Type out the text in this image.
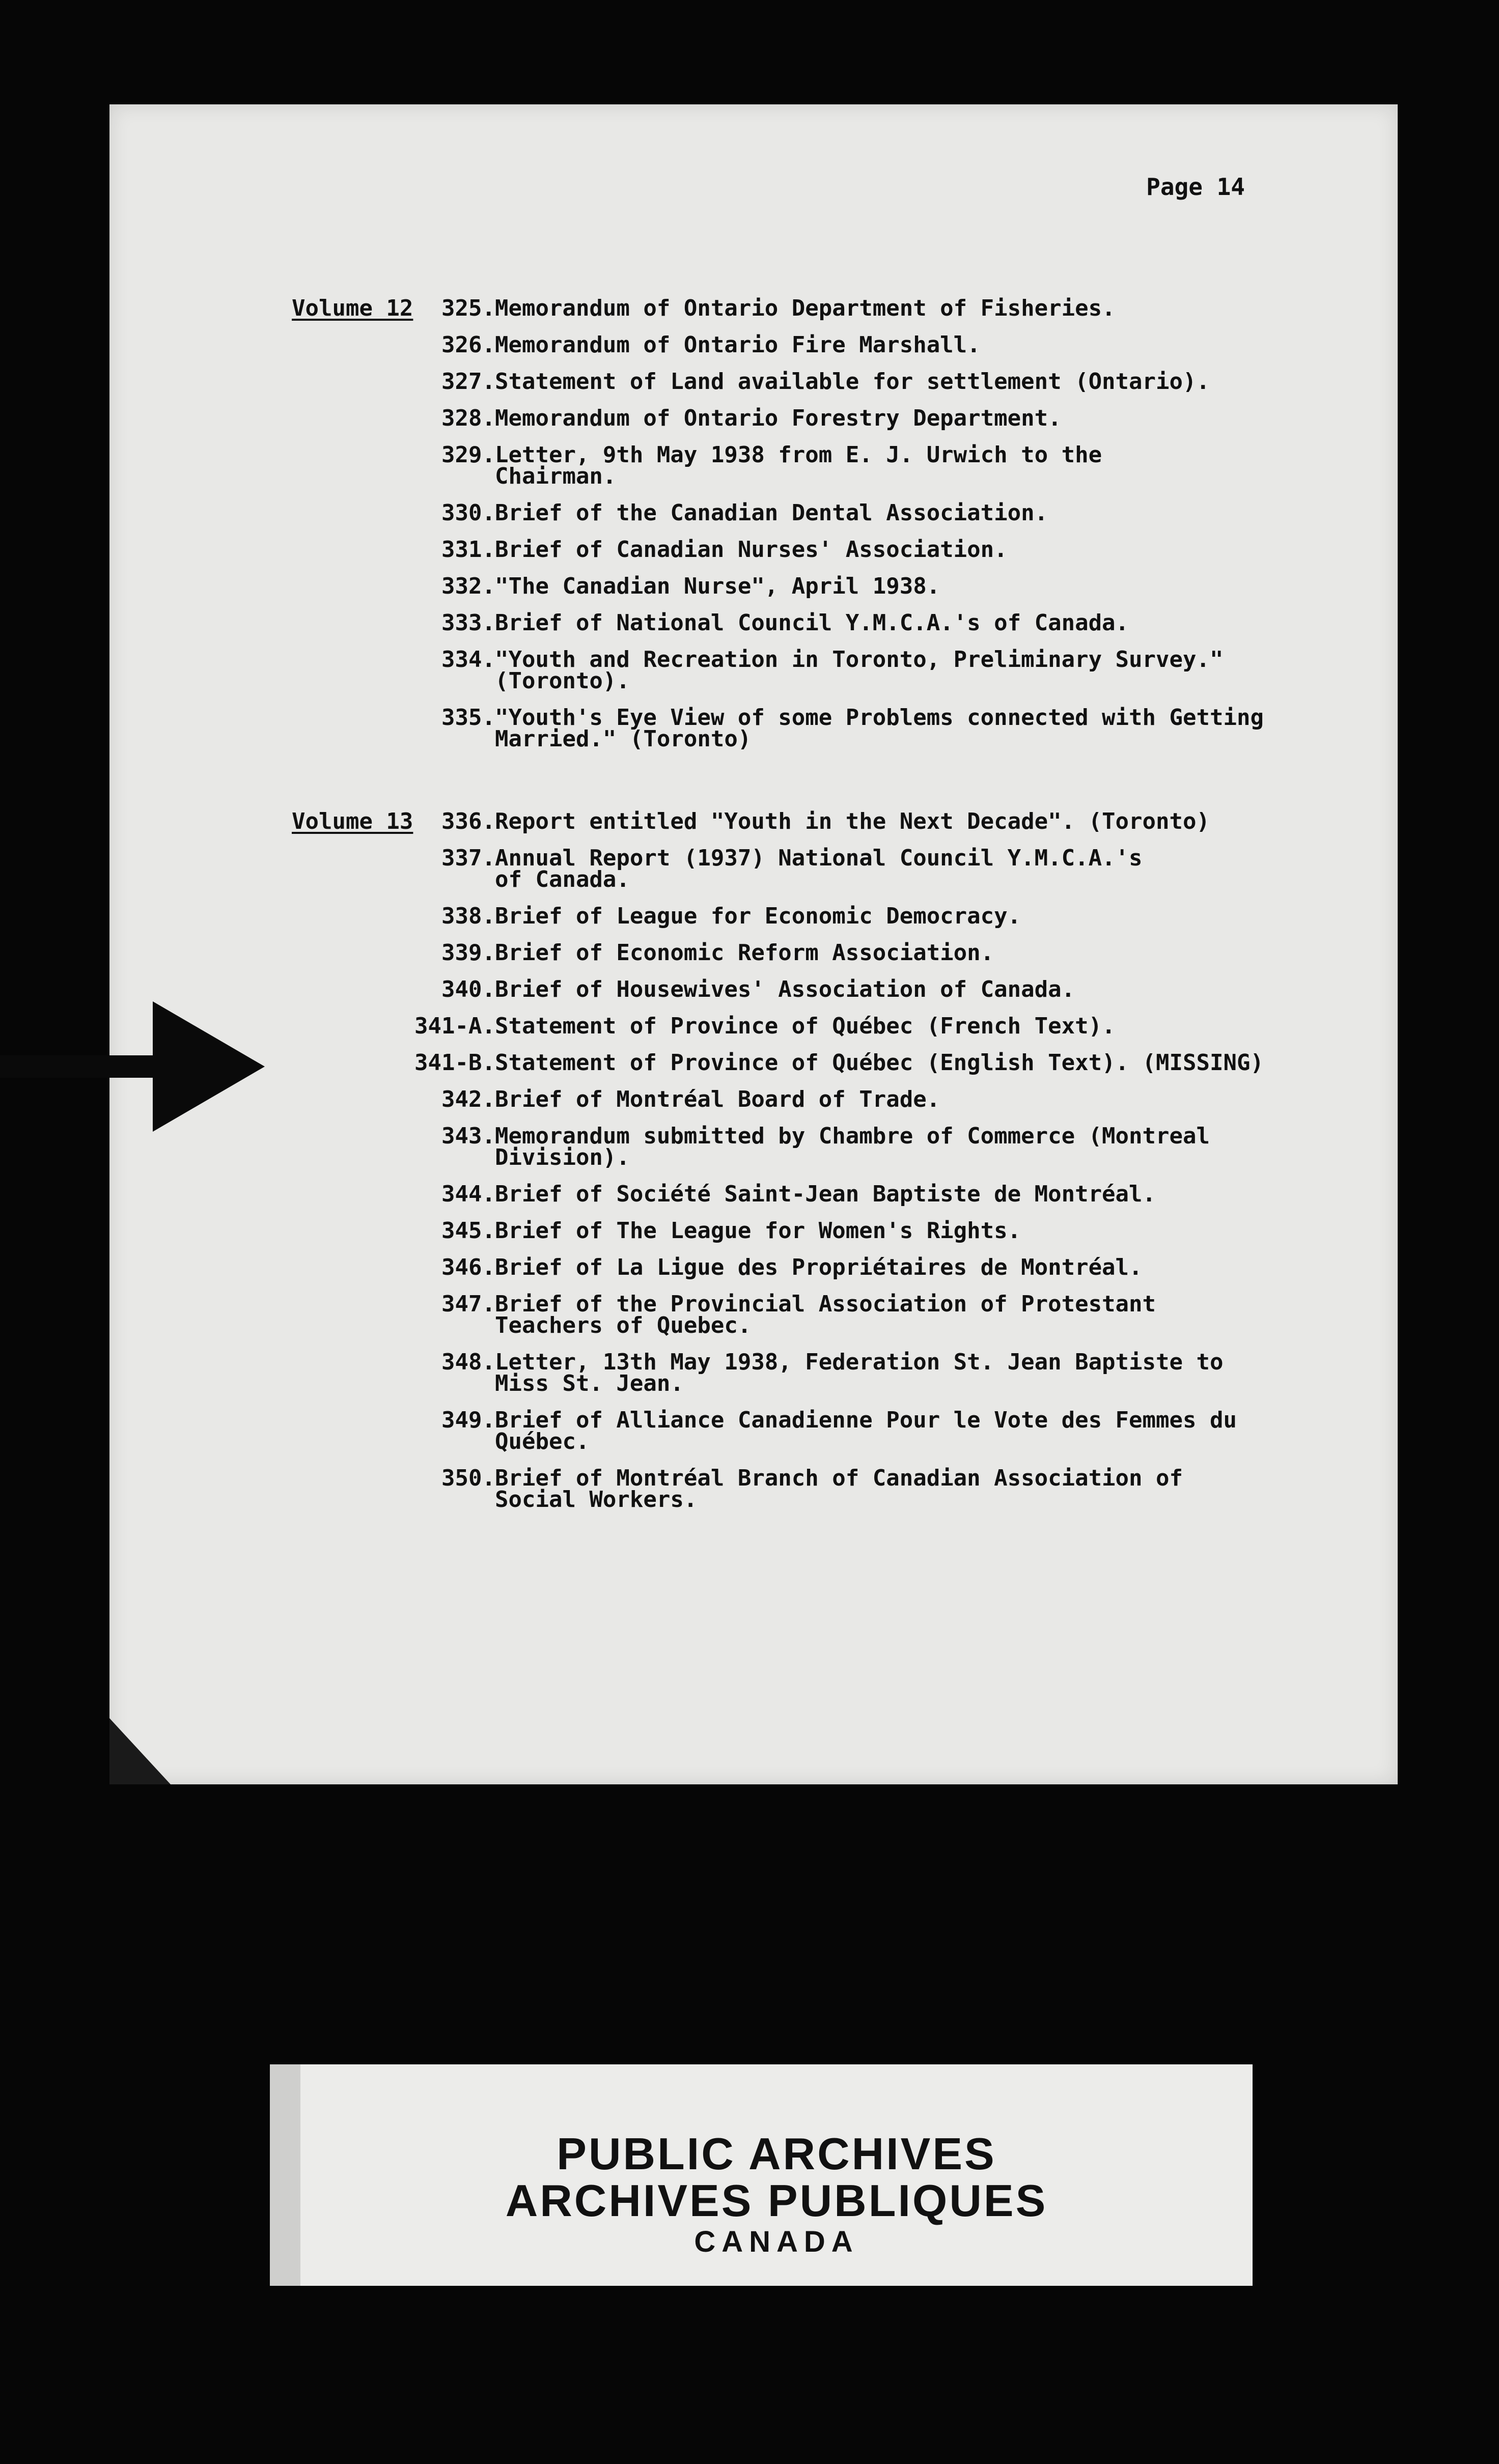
Page 14
Volume 12 325. Memorandum of Ontario Department of Fisheries.
326. Memorandum of Ontario Fire Marshall.
327. Statement of Land available for settlement (Ontario).
328. Memorandum of Ontario Forestry Department.
329. Letter, 9th May 1938 from E. J. Urwich to the
Chairman.
330. Brief of the Canadian Dental Association.
331. Brief of Canadian Nurses' Association.
332. "The Canadian Nurse", April 1938.
333. Brief of National Council Y.M.C.A.'s of Canada.
334. "Youth and Recreation in Toronto, Preliminary Survey."
(Toronto).
335. "Youth's Eye View of some Problems connected with Getting
Married." (Toronto)
Volume 13 336. Report entitled "Youth in the Next Decade". (Toronto)
337. Annual Report (1937) National Council Y.M.C.A.'s
of Canada.
338. Brief of League for Economic Democracy.
339. Brief of Economic Reform Association.
340. Brief of Housewives' Association of Canada.
341-A. Statement of Province of Québec (French Text).
341-B. Statement of Province of Québec (English Text). (MISSING)
342. Brief of Montréal Board of Trade.
343. Memorandum submitted by Chambre of Commerce (Montreal
Division).
344. Brief of Société Saint-Jean Baptiste de Montréal.
345. Brief of The League for Women's Rights.
346. Brief of La Ligue des Propriétaires de Montréal.
347. Brief of the Provincial Association of Protestant
Teachers of Quebec.
348. Letter, 13th May 1938, Federation St. Jean Baptiste to
Miss St. Jean.
349. Brief of Alliance Canadienne Pour le Vote des Femmes du
Québec.
350. Brief of Montréal Branch of Canadian Association of
Social Workers.
PUBLIC ARCHIVES
ARCHIVES PUBLIQUES
CANADA
